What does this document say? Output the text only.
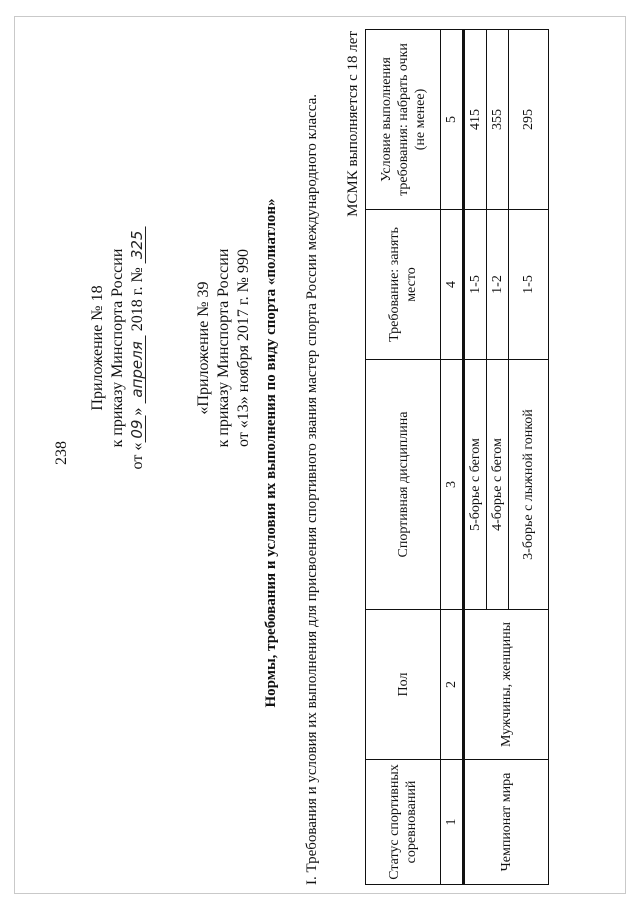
238
Приложение № 18 к приказу Минспорта России
от «09» апреля 2018 г. № 325
«Приложение № 39 к приказу Минспорта России от «13» ноября 2017 г. № 990 Нормы, требования и условия их выполнения по виду спорта «полиатлон» I. Требования и условия их выполнения для присвоения спортивного звания мастер спорта России международного класса. МСМК выполняется с 18 лет
Статус спортивных соревнований	Пол	Спортивная дисциплина	Требование: занять место	Условие выполнения требования: набрать очки (не менее)
1	2	3	4	5
Чемпионат мира	Мужчины, женщины	5-борье с бегом	1-5	415
		4-борье с бегом	1-2	355
		3-борье с лыжной гонкой	1-5	295
